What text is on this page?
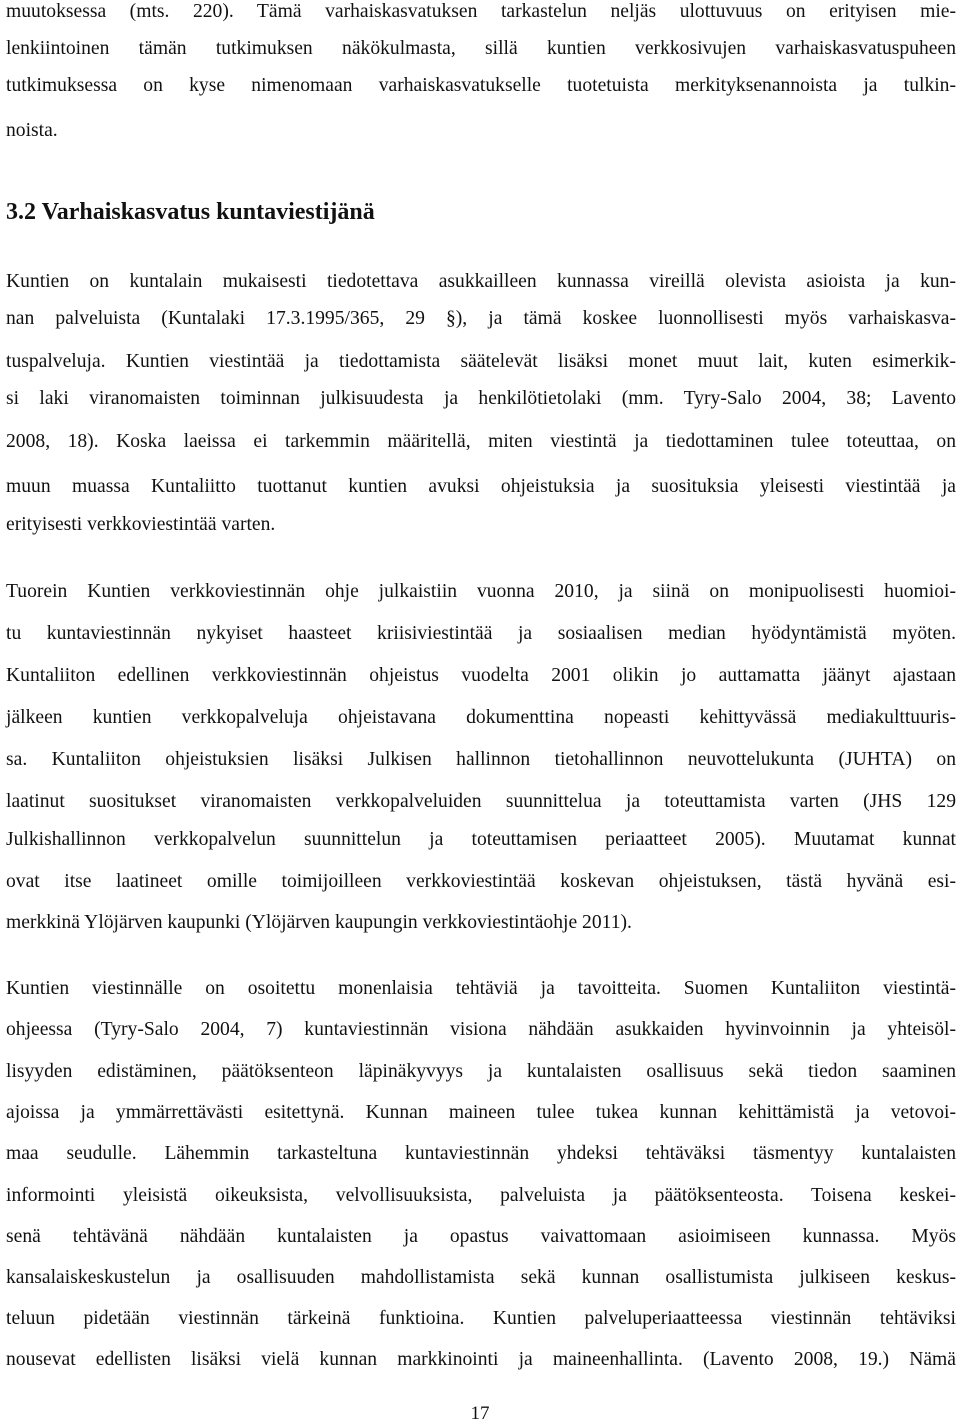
muutoksessa (mts. 220). Tämä varhaiskasvatuksen tarkastelun neljäs ulottuvuus on erityisen mie-
lenkiintoinen tämän tutkimuksen näkökulmasta, sillä kuntien verkkosivujen varhaiskasvatuspuheen
tutkimuksessa on kyse nimenomaan varhaiskasvatukselle tuotetuista merkityksenannoista ja tulkin-
noista.
3.2 Varhaiskasvatus kuntaviestijänä
Kuntien on kuntalain mukaisesti tiedotettava asukkailleen kunnassa vireillä olevista asioista ja kun-
nan palveluista (Kuntalaki 17.3.1995/365, 29 §), ja tämä koskee luonnollisesti myös varhaiskasva-
tuspalveluja. Kuntien viestintää ja tiedottamista säätelevät lisäksi monet muut lait, kuten esimerkik-
si laki viranomaisten toiminnan julkisuudesta ja henkilötietolaki (mm. Tyry-Salo 2004, 38; Lavento
2008, 18). Koska laeissa ei tarkemmin määritellä, miten viestintä ja tiedottaminen tulee toteuttaa, on
muun muassa Kuntaliitto tuottanut kuntien avuksi ohjeistuksia ja suosituksia yleisesti viestintää ja
erityisesti verkkoviestintää varten.
Tuorein Kuntien verkkoviestinnän ohje julkaistiin vuonna 2010, ja siinä on monipuolisesti huomioi-
tu kuntaviestinnän nykyiset haasteet kriisiviestintää ja sosiaalisen median hyödyntämistä myöten.
Kuntaliiton edellinen verkkoviestinnän ohjeistus vuodelta 2001 olikin jo auttamatta jäänyt ajastaan
jälkeen kuntien verkkopalveluja ohjeistavana dokumenttina nopeasti kehittyvässä mediakulttuuris-
sa. Kuntaliiton ohjeistuksien lisäksi Julkisen hallinnon tietohallinnon neuvottelukunta (JUHTA) on
laatinut suositukset viranomaisten verkkopalveluiden suunnittelua ja toteuttamista varten (JHS 129
Julkishallinnon verkkopalvelun suunnittelun ja toteuttamisen periaatteet 2005). Muutamat kunnat
ovat itse laatineet omille toimijoilleen verkkoviestintää koskevan ohjeistuksen, tästä hyvänä esi-
merkkinä Ylöjärven kaupunki (Ylöjärven kaupungin verkkoviestintäohje 2011).
Kuntien viestinnälle on osoitettu monenlaisia tehtäviä ja tavoitteita. Suomen Kuntaliiton viestintä-
ohjeessa (Tyry-Salo 2004, 7) kuntaviestinnän visiona nähdään asukkaiden hyvinvoinnin ja yhteisöl-
lisyyden edistäminen, päätöksenteon läpinäkyvyys ja kuntalaisten osallisuus sekä tiedon saaminen
ajoissa ja ymmärrettävästi esitettynä. Kunnan maineen tulee tukea kunnan kehittämistä ja vetovoi-
maa seudulle. Lähemmin tarkasteltuna kuntaviestinnän yhdeksi tehtäväksi täsmentyy kuntalaisten
informointi yleisistä oikeuksista, velvollisuuksista, palveluista ja päätöksenteosta. Toisena keskei-
senä tehtävänä nähdään kuntalaisten ja opastus vaivattomaan asioimiseen kunnassa. Myös
kansalaiskeskustelun ja osallisuuden mahdollistamista sekä kunnan osallistumista julkiseen keskus-
teluun pidetään viestinnän tärkeinä funktioina. Kuntien palveluperiaatteessa viestinnän tehtäviksi
nousevat edellisten lisäksi vielä kunnan markkinointi ja maineenhallinta. (Lavento 2008, 19.) Nämä
17
